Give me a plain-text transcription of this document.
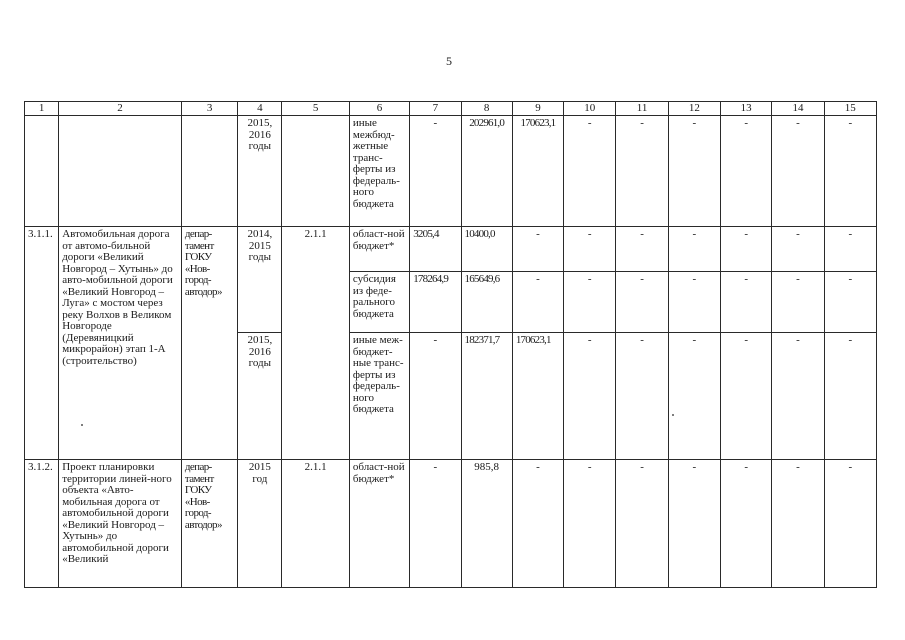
5
1	2	3	4	5	6	7	8	9	10	11	12	13	14	15
			2015, 2016 годы		иные межбюд-жетные транс-ферты из федераль-ного бюджета	-	202961,0	170623,1	-	-	-	-	-	-
3.1.1.	Автомобильная дорога от автомо-бильной дороги «Великий Новгород – Хутынь» до авто-мобильной дороги «Великий Новгород – Луга» с мостом через реку Волхов в Великом Новгороде (Деревяницкий микрорайон) этап 1-А (строительство)	депар-тамент ГОКУ «Нов-город-автодор»	2014, 2015 годы	2.1.1	област-ной бюджет*	3205,4	10400,0	-	-	-	-	-	-	-
					субсидия из феде-рального бюджета	178264,9	165649,6	-	-	-	-	-	-	-
			2015, 2016 годы		иные меж-бюджет-ные транс-ферты из федераль-ного бюджета	-	182371,7	170623,1	-	-	-	-	-	-
3.1.2.	Проект планировки территории линей-ного объекта «Авто-мобильная дорога от автомобильной дороги «Великий Новгород – Хутынь» до автомобильной дороги «Великий	депар-тамент ГОКУ «Нов-город-автодор»	2015 год	2.1.1	област-ной бюджет*	-	985,8	-	-	-	-	-	-	-
